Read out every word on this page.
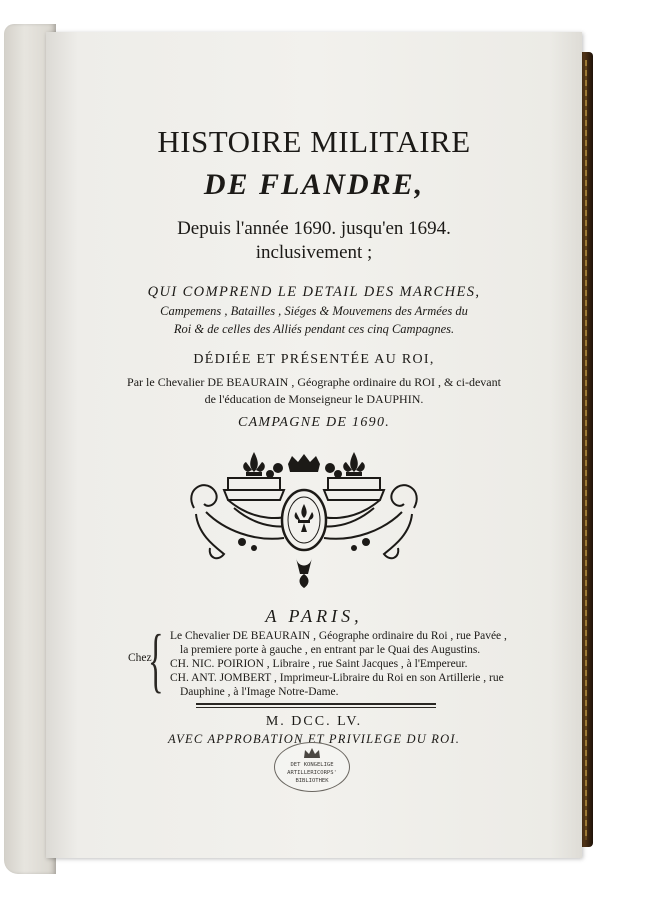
HISTOIRE MILITAIRE
DE FLANDRE,
Depuis l'année 1690. jusqu'en 1694.
inclusivement ;
QUI COMPREND LE DETAIL DES MARCHES,
Campemens , Batailles , Siéges & Mouvemens des Armées du
Roi & de celles des Alliés pendant ces cinq Campagnes.
DÉDIÉE ET PRÉSENTÉE AU ROI,
Par le Chevalier DE BEAURAIN , Géographe ordinaire du ROI , & ci-devant
de l'éducation de Monseigneur le DAUPHIN.
CAMPAGNE DE 1690.
A PARIS,
{
Chez
Le Chevalier DE BEAURAIN , Géographe ordinaire du Roi , rue Pavée ,
la premiere porte à gauche , en entrant par le Quai des Augustins.
CH. NIC. POIRION , Libraire , rue Saint Jacques , à l'Empereur.
CH. ANT. JOMBERT , Imprimeur-Libraire du Roi en son Artillerie , rue
Dauphine , à l'Image Notre-Dame.
M. DCC. LV.
AVEC APPROBATION ET PRIVILEGE DU ROI.
DET KONGELIGE
ARTILLERICORPS'
BIBLIOTHEK
